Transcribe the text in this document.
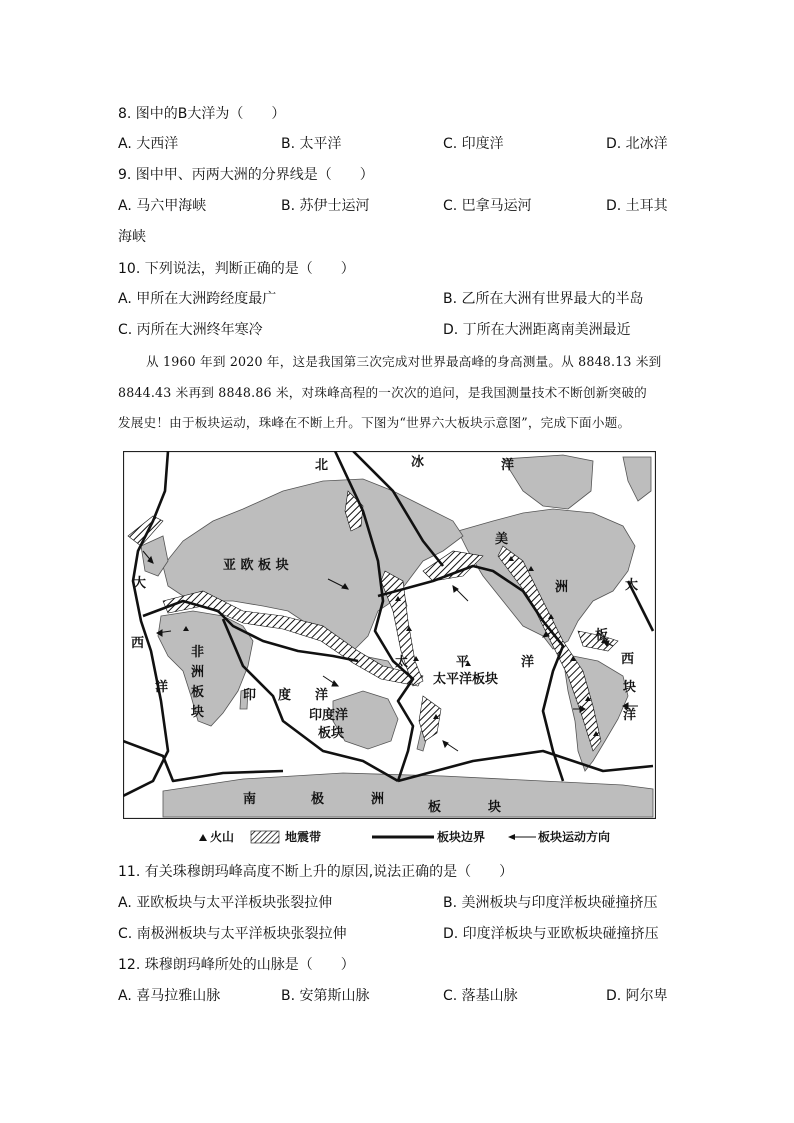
8. 图中的B大洋为（　　）
A. 大西洋	B. 太平洋	C. 印度洋	D. 北冰洋
9. 图中甲、丙两大洲的分界线是（　　）
A. 马六甲海峡	B. 苏伊士运河	C. 巴拿马运河	D. 土耳其
海峡
10. 下列说法，判断正确的是（　　）
A. 甲所在大洲跨经度最广	B. 乙所在大洲有世界最大的半岛
C. 丙所在大洲终年寒冷	D. 丁所在大洲距离南美洲最近
从 1960 年到 2020 年，这是我国第三次完成对世界最高峰的身高测量。从 8848.13 米到
8844.43 米再到 8848.86 米，对珠峰高程的一次次的追问，是我国测量技术不断创新突破的
发展史！由于板块运动，珠峰在不断上升。下图为“世界六大板块示意图”，完成下面小题。
北	冰	洋
亚 欧 板 块
美
洲
板
块
大
西
洋
非
洲
板
块
印 度 洋
印度洋
板块
太	平	洋
太平洋板块
大
西
洋
南	极	洲
板	块
火山	地震带	板块边界	板块运动方向
11. 有关珠穆朗玛峰高度不断上升的原因,说法正确的是（　　）
A. 亚欧板块与太平洋板块张裂拉伸	B. 美洲板块与印度洋板块碰撞挤压
C. 南极洲板块与太平洋板块张裂拉伸	D. 印度洋板块与亚欧板块碰撞挤压
12. 珠穆朗玛峰所处的山脉是（　　）
A. 喜马拉雅山脉	B. 安第斯山脉	C. 落基山脉	D. 阿尔卑
